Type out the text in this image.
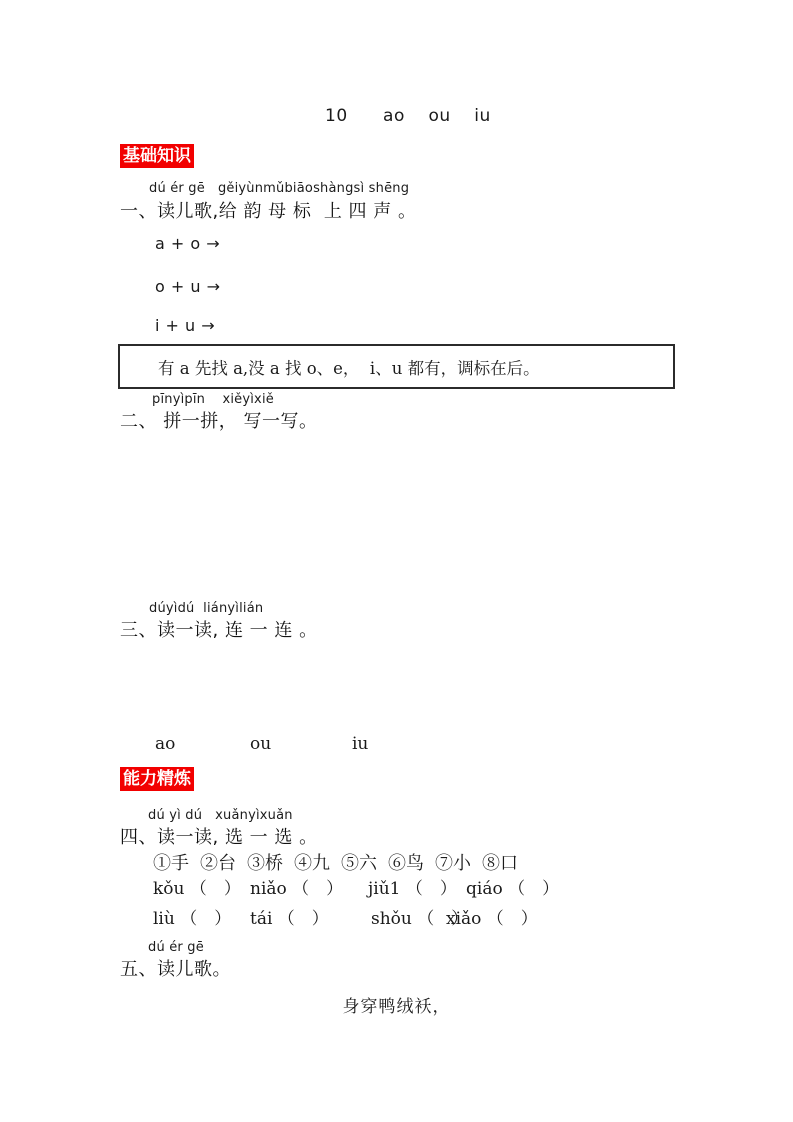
10      ao    ou    iu
基础知识
dú ér gē   gěiyùnmǔbiāoshàngsì shēng
一、读儿歌,给 韵 母 标  上 四 声 。
a + o →
o + u →
i + u →
有 a 先找 a,没 a 找 o、e，  i、u 都有，调标在后。
pīnyìpīn    xiěyìxiě
二、 拼一拼， 写一写。
dúyìdú  liányìlián
三、读一读, 连 一 连 。
ao	ou	iu
能力精炼
dú yì dú   xuǎnyìxuǎn
四、读一读, 选 一 选 。
①手 ②台 ③桥 ④九 ⑤六 ⑥鸟 ⑦小 ⑧口
kǒu （　） niǎo （　） jiǔ1 （　） qiáo （　）
liù （　） tái （　） shǒu （　）
xiǎo （　）
dú ér gē
五、读儿歌。
身穿鸭绒袄，
